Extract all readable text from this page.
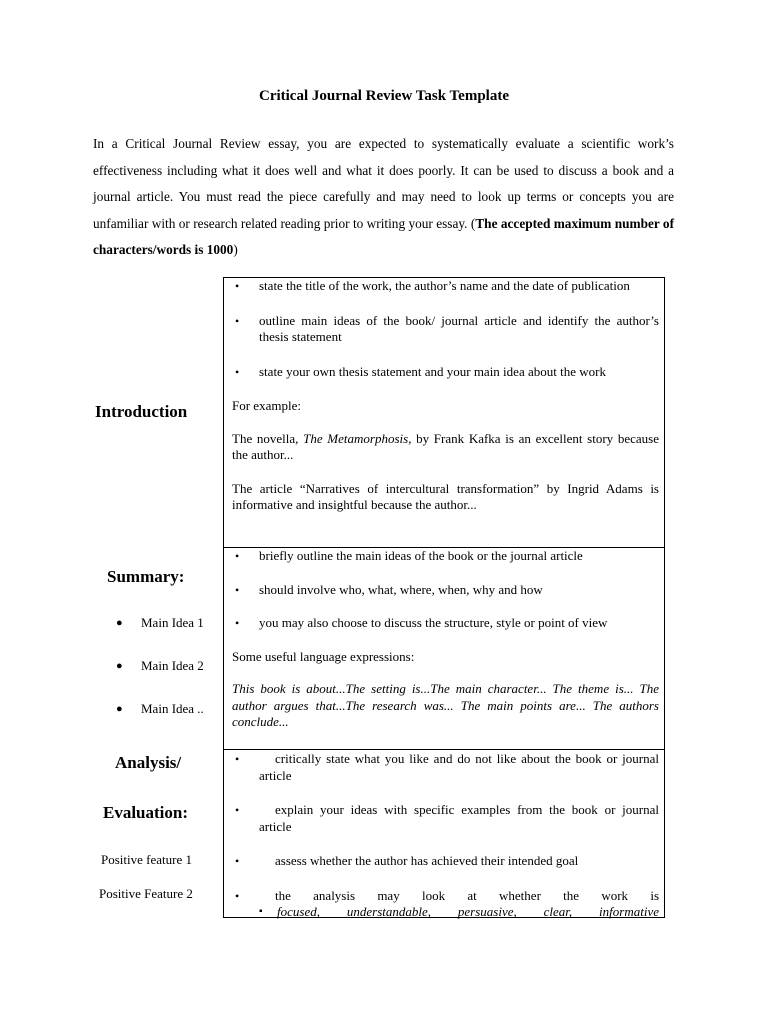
Critical Journal Review Task Template
In a Critical Journal Review essay, you are expected to systematically evaluate a scientific work’s effectiveness including what it does well and what it does poorly. It can be used to discuss a book and a journal article. You must read the piece carefully and may need to look up terms or concepts you are unfamiliar with or research related reading prior to writing your essay. (The accepted maximum number of characters/words is 1000)
Introduction
• state the title of the work, the author’s name and the date of publication
• outline main ideas of the book/ journal article and identify the author’s thesis statement
• state your own thesis statement and your main idea about the work
For example:
The novella, The Metamorphosis, by Frank Kafka is an excellent story because the author...
The article “Narratives of intercultural transformation” by Ingrid Adams is informative and insightful because the author...
Summary:
● Main Idea 1
● Main Idea 2
● Main Idea ..
• briefly outline the main ideas of the book or the journal article
• should involve who, what, where, when, why and how
• you may also choose to discuss the structure, style or point of view
Some useful language expressions:
This book is about...The setting is...The main character... The theme is... The author argues that...The research was... The main points are... The authors conclude...
Analysis/
Evaluation:
Positive feature 1
Positive Feature 2
• critically state what you like and do not like about the book or journal article
• explain your ideas with specific examples from the book or journal article
• assess whether the author has achieved their intended goal
• the analysis may look at whether the work is
▪ focused, understandable, persuasive, clear, informative
